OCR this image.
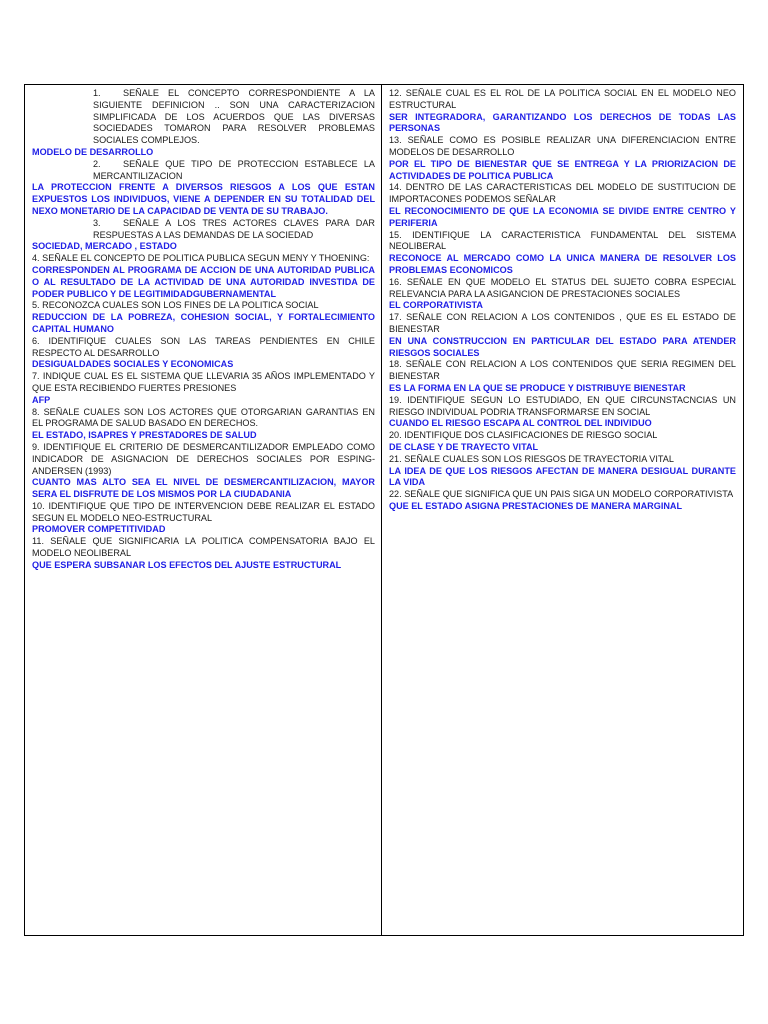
1. SEÑALE EL CONCEPTO CORRESPONDIENTE A LA SIGUIENTE DEFINICION .. SON UNA CARACTERIZACION SIMPLIFICADA DE LOS ACUERDOS QUE LAS DIVERSAS SOCIEDADES TOMARON PARA RESOLVER PROBLEMAS SOCIALES COMPLEJOS.

MODELO DE DESARROLLO

2. SEÑALE QUE TIPO DE PROTECCION ESTABLECE LA MERCANTILIZACION

LA PROTECCION FRENTE A DIVERSOS RIESGOS A LOS QUE ESTAN EXPUESTOS LOS INDIVIDUOS, VIENE A DEPENDER EN SU TOTALIDAD DEL NEXO MONETARIO DE LA CAPACIDAD DE VENTA DE SU TRABAJO.

3. SEÑALE A LOS TRES ACTORES CLAVES PARA DAR RESPUESTAS A LAS DEMANDAS DE LA SOCIEDAD

SOCIEDAD, MERCADO , ESTADO

4. SEÑALE EL CONCEPTO DE POLITICA PUBLICA SEGUN MENY Y THOENING:

CORRESPONDEN AL PROGRAMA DE ACCION DE UNA AUTORIDAD PUBLICA O AL RESULTADO DE LA ACTIVIDAD DE UNA AUTORIDAD INVESTIDA DE PODER PUBLICO Y DE LEGITIMIDADGUBERNAMENTAL

5. RECONOZCA CUALES SON LOS FINES DE LA POLITICA SOCIAL

REDUCCION DE LA POBREZA, COHESION SOCIAL, Y FORTALECIMIENTO CAPITAL HUMANO

6. IDENTIFIQUE CUALES SON LAS TAREAS PENDIENTES EN CHILE RESPECTO AL DESARROLLO

DESIGUALDADES SOCIALES Y ECONOMICAS

7. INDIQUE CUAL ES EL SISTEMA QUE LLEVARIA 35 AÑOS IMPLEMENTADO Y QUE ESTA RECIBIENDO FUERTES PRESIONES

AFP

8. SEÑALE CUALES SON LOS ACTORES QUE OTORGARIAN GARANTIAS EN EL PROGRAMA DE SALUD BASADO EN DERECHOS.

EL ESTADO, ISAPRES Y PRESTADORES DE SALUD

9. IDENTIFIQUE EL CRITERIO DE DESMERCANTILIZADOR EMPLEADO COMO INDICADOR DE ASIGNACION DE DERECHOS SOCIALES POR ESPING- ANDERSEN (1993)

CUANTO MAS ALTO SEA EL NIVEL DE DESMERCANTILIZACION, MAYOR SERA EL DISFRUTE DE LOS MISMOS POR LA CIUDADANIA

10. IDENTIFIQUE QUE TIPO DE INTERVENCION DEBE REALIZAR EL ESTADO SEGUN EL MODELO NEO-ESTRUCTURAL

PROMOVER COMPETITIVIDAD

11. SEÑALE QUE SIGNIFICARIA LA POLITICA COMPENSATORIA BAJO EL MODELO NEOLIBERAL

QUE ESPERA SUBSANAR LOS EFECTOS DEL AJUSTE ESTRUCTURAL

12. SEÑALE CUAL ES EL ROL DE LA POLITICA SOCIAL EN EL MODELO NEO ESTRUCTURAL

SER INTEGRADORA, GARANTIZANDO LOS DERECHOS DE TODAS LAS PERSONAS

13. SEÑALE COMO ES POSIBLE REALIZAR UNA DIFERENCIACION ENTRE MODELOS DE DESARROLLO

POR EL TIPO DE BIENESTAR QUE SE ENTREGA Y LA PRIORIZACION DE ACTIVIDADES DE POLITICA PUBLICA

14. DENTRO DE LAS CARACTERISTICAS DEL MODELO DE SUSTITUCION DE IMPORTACONES PODEMOS SEÑALAR

EL RECONOCIMIENTO DE QUE LA ECONOMIA SE DIVIDE ENTRE CENTRO Y PERIFERIA

15. IDENTIFIQUE LA CARACTERISTICA FUNDAMENTAL DEL SISTEMA NEOLIBERAL

RECONOCE AL MERCADO COMO LA UNICA MANERA DE RESOLVER LOS PROBLEMAS ECONOMICOS

16. SEÑALE EN QUE MODELO EL STATUS DEL SUJETO COBRA ESPECIAL RELEVANCIA PARA LA ASIGANCION DE PRESTACIONES SOCIALES

EL CORPORATIVISTA

17. SEÑALE CON RELACION A LOS CONTENIDOS , QUE ES EL ESTADO DE BIENESTAR

EN UNA CONSTRUCCION EN PARTICULAR DEL ESTADO PARA ATENDER RIESGOS SOCIALES

18. SEÑALE CON RELACION A LOS CONTENIDOS QUE SERIA REGIMEN DEL BIENESTAR

ES LA FORMA EN LA QUE SE PRODUCE Y DISTRIBUYE BIENESTAR

19. IDENTIFIQUE SEGUN LO ESTUDIADO, EN QUE CIRCUNSTACNCIAS UN RIESGO INDIVIDUAL PODRIA TRANSFORMARSE EN SOCIAL

CUANDO EL RIESGO ESCAPA AL CONTROL DEL INDIVIDUO

20. IDENTIFIQUE DOS CLASIFICACIONES DE RIESGO SOCIAL

DE CLASE Y DE TRAYECTO VITAL

21. SEÑALE CUALES SON LOS RIESGOS DE TRAYECTORIA VITAL

LA IDEA DE QUE LOS RIESGOS AFECTAN DE MANERA DESIGUAL DURANTE LA VIDA

22. SEÑALE QUE SIGNIFICA QUE UN PAIS SIGA UN MODELO CORPORATIVISTA

QUE EL ESTADO ASIGNA PRESTACIONES DE MANERA MARGINAL
